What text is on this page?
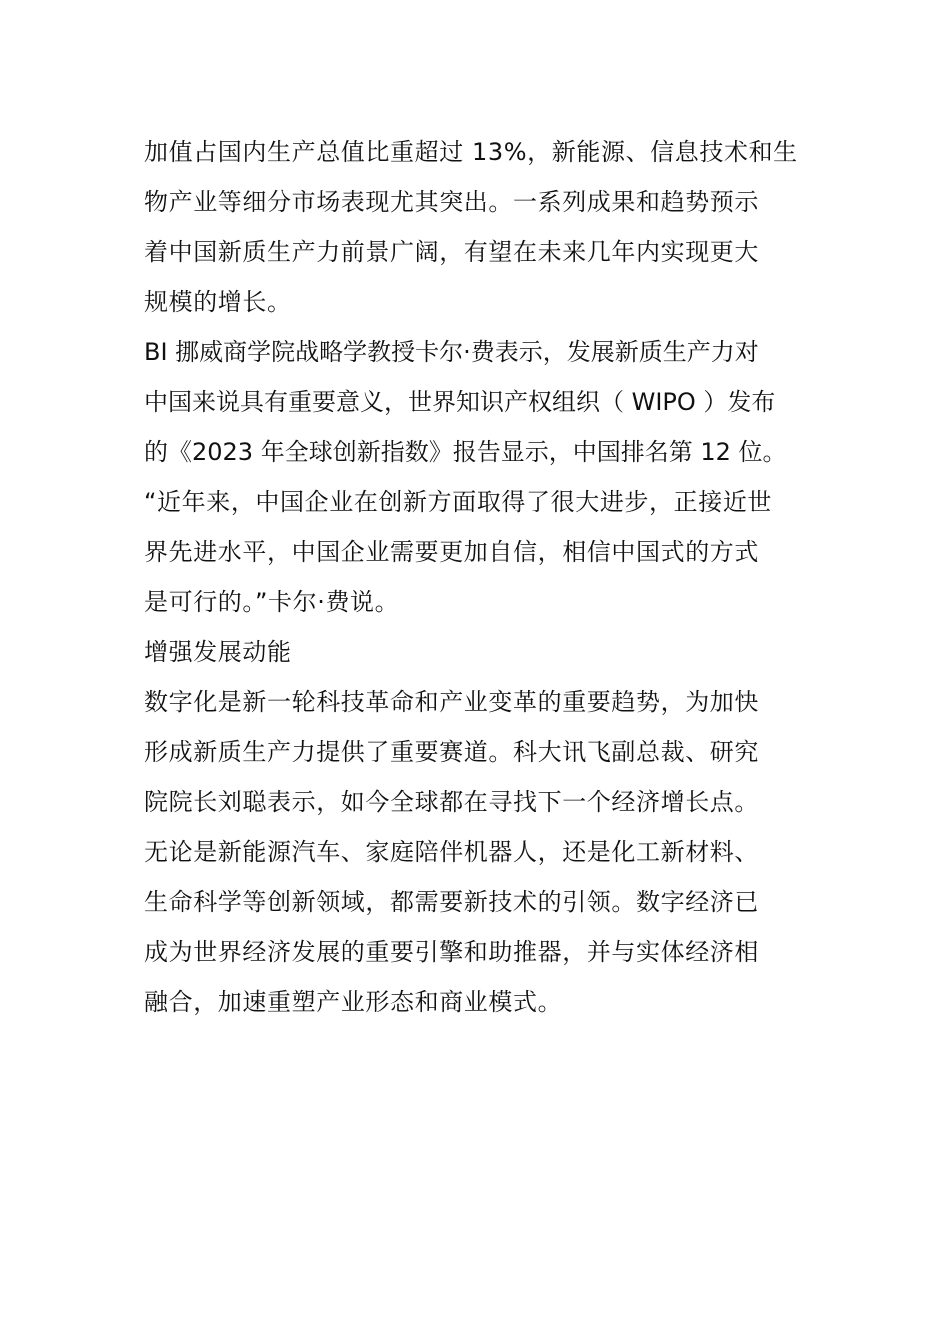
加值占国内生产总值比重超过 13%，新能源、信息技术和生
物产业等细分市场表现尤其突出。一系列成果和趋势预示
着中国新质生产力前景广阔，有望在未来几年内实现更大
规模的增长。
BI 挪威商学院战略学教授卡尔·费表示，发展新质生产力对
中国来说具有重要意义，世界知识产权组织（ WIPO ）发布
的《2023 年全球创新指数》报告显示，中国排名第 12 位。
“近年来，中国企业在创新方面取得了很大进步，正接近世
界先进水平，中国企业需要更加自信，相信中国式的方式
是可行的。”卡尔·费说。
增强发展动能
数字化是新一轮科技革命和产业变革的重要趋势，为加快
形成新质生产力提供了重要赛道。科大讯飞副总裁、研究
院院长刘聪表示，如今全球都在寻找下一个经济增长点。
无论是新能源汽车、家庭陪伴机器人，还是化工新材料、
生命科学等创新领域，都需要新技术的引领。数字经济已
成为世界经济发展的重要引擎和助推器，并与实体经济相
融合，加速重塑产业形态和商业模式。
